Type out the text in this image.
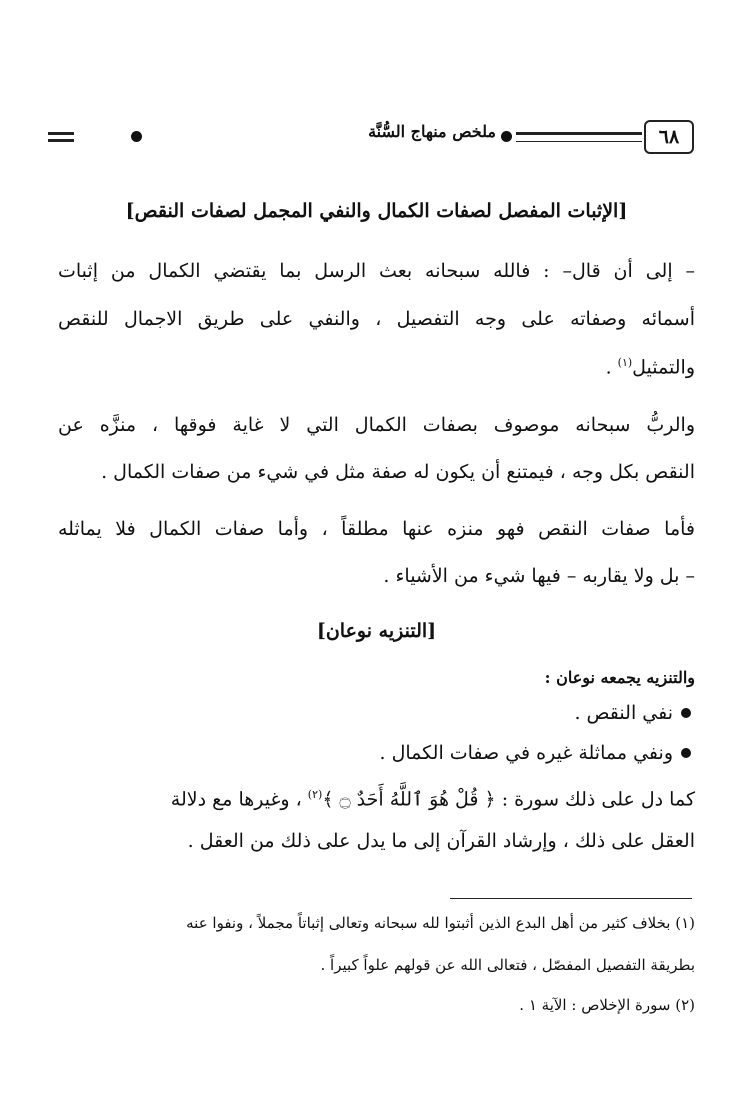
٦٨
ملخص منهاج السُّنَّة
[الإثبات المفصل لصفات الكمال والنفي المجمل لصفات النقص]
– إلى أن قال– : فالله سبحانه بعث الرسل بما يقتضي الكمال من إثبات
أسمائه وصفاته على وجه التفصيل ، والنفي على طريق الاجمال للنقص
والتمثيل$^{(١)}$ .
والربُّ سبحانه موصوف بصفات الكمال التي لا غاية فوقها ، منزَّه عن
النقص بكل وجه ، فيمتنع أن يكون له صفة مثل في شيء من صفات الكمال .
فأما صفات النقص فهو منزه عنها مطلقاً ، وأما صفات الكمال فلا يماثله
– بل ولا يقاربه – فيها شيء من الأشياء .
[التنزيه نوعان]
والتنزيه يجمعه نوعان :
نفي النقص .
ونفي مماثلة غيره في صفات الكمال .
كما دل على ذلك سورة : ﴿ قُلْ هُوَ ٱللَّهُ أَحَدٌ ۝ ﴾$^{(٢)}$ ، وغيرها مع دلالة
العقل على ذلك ، وإرشاد القرآن إلى ما يدل على ذلك من العقل .
(١) بخلاف كثير من أهل البدع الذين أثبتوا لله سبحانه وتعالى إثباتاً مجملاً ، ونفوا عنه
بطريقة التفصيل المفصّل ، فتعالى الله عن قولهم علواً كبيراً .
(٢) سورة الإخلاص : الآية ١ .
